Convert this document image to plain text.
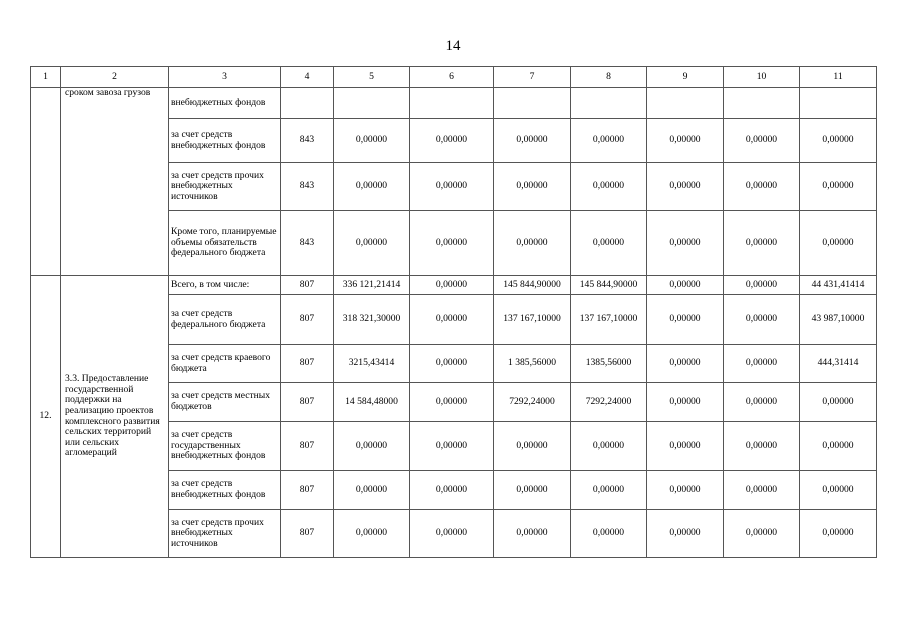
14
1	2	3	4	5	6	7	8	9	10	11
	сроком завоза грузов	внебюджетных фондов								
		за счет средств внебюджетных фондов	843	0,00000	0,00000	0,00000	0,00000	0,00000	0,00000	0,00000
		за счет средств прочих внебюджетных источников	843	0,00000	0,00000	0,00000	0,00000	0,00000	0,00000	0,00000
		Кроме того, планируемые объемы обязательств федерального бюджета	843	0,00000	0,00000	0,00000	0,00000	0,00000	0,00000	0,00000
12.	3.3. Предоставление государственной поддержки на реализацию проектов комплексного развития сельских территорий или сельских агломераций	Всего, в том числе:	807	336 121,21414	0,00000	145 844,90000	145 844,90000	0,00000	0,00000	44 431,41414
		за счет средств федерального бюджета	807	318 321,30000	0,00000	137 167,10000	137 167,10000	0,00000	0,00000	43 987,10000
		за счет средств краевого бюджета	807	3215,43414	0,00000	1 385,56000	1385,56000	0,00000	0,00000	444,31414
		за счет средств местных бюджетов	807	14 584,48000	0,00000	7292,24000	7292,24000	0,00000	0,00000	0,00000
		за счет средств государственных внебюджетных фондов	807	0,00000	0,00000	0,00000	0,00000	0,00000	0,00000	0,00000
		за счет средств внебюджетных фондов	807	0,00000	0,00000	0,00000	0,00000	0,00000	0,00000	0,00000
		за счет средств прочих внебюджетных источников	807	0,00000	0,00000	0,00000	0,00000	0,00000	0,00000	0,00000
